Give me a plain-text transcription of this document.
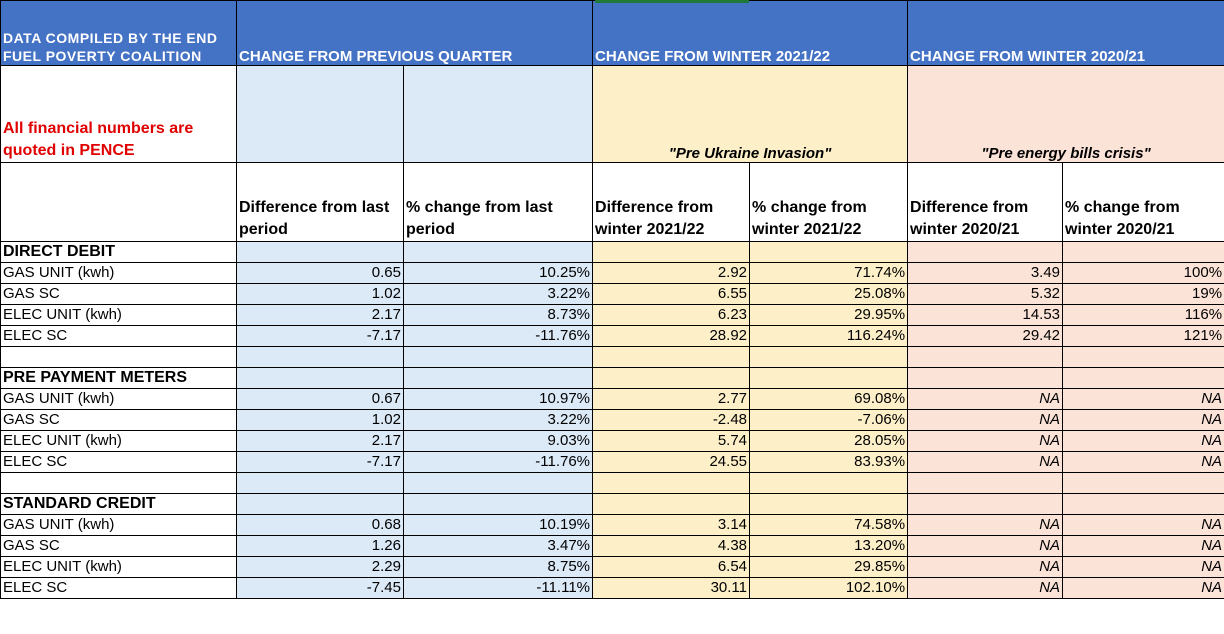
DATA COMPILED BY THE END FUEL POVERTY COALITION	CHANGE FROM PREVIOUS QUARTER		CHANGE FROM WINTER 2021/22		CHANGE FROM WINTER 2020/21	
All financial numbers are quoted in PENCE			"Pre Ukraine Invasion"		"Pre energy bills crisis"	
	Difference from last period	% change from last period	Difference from winter 2021/22	% change from winter 2021/22	Difference from winter 2020/21	% change from winter 2020/21
DIRECT DEBIT						
GAS UNIT (kwh)	0.65	10.25%	2.92	71.74%	3.49	100%
GAS SC	1.02	3.22%	6.55	25.08%	5.32	19%
ELEC UNIT (kwh)	2.17	8.73%	6.23	29.95%	14.53	116%
ELEC SC	-7.17	-11.76%	28.92	116.24%	29.42	121%

PRE PAYMENT METERS						
GAS UNIT (kwh)	0.67	10.97%	2.77	69.08%	NA	NA
GAS SC	1.02	3.22%	-2.48	-7.06%	NA	NA
ELEC UNIT (kwh)	2.17	9.03%	5.74	28.05%	NA	NA
ELEC SC	-7.17	-11.76%	24.55	83.93%	NA	NA

STANDARD CREDIT						
GAS UNIT (kwh)	0.68	10.19%	3.14	74.58%	NA	NA
GAS SC	1.26	3.47%	4.38	13.20%	NA	NA
ELEC UNIT (kwh)	2.29	8.75%	6.54	29.85%	NA	NA
ELEC SC	-7.45	-11.11%	30.11	102.10%	NA	NA
